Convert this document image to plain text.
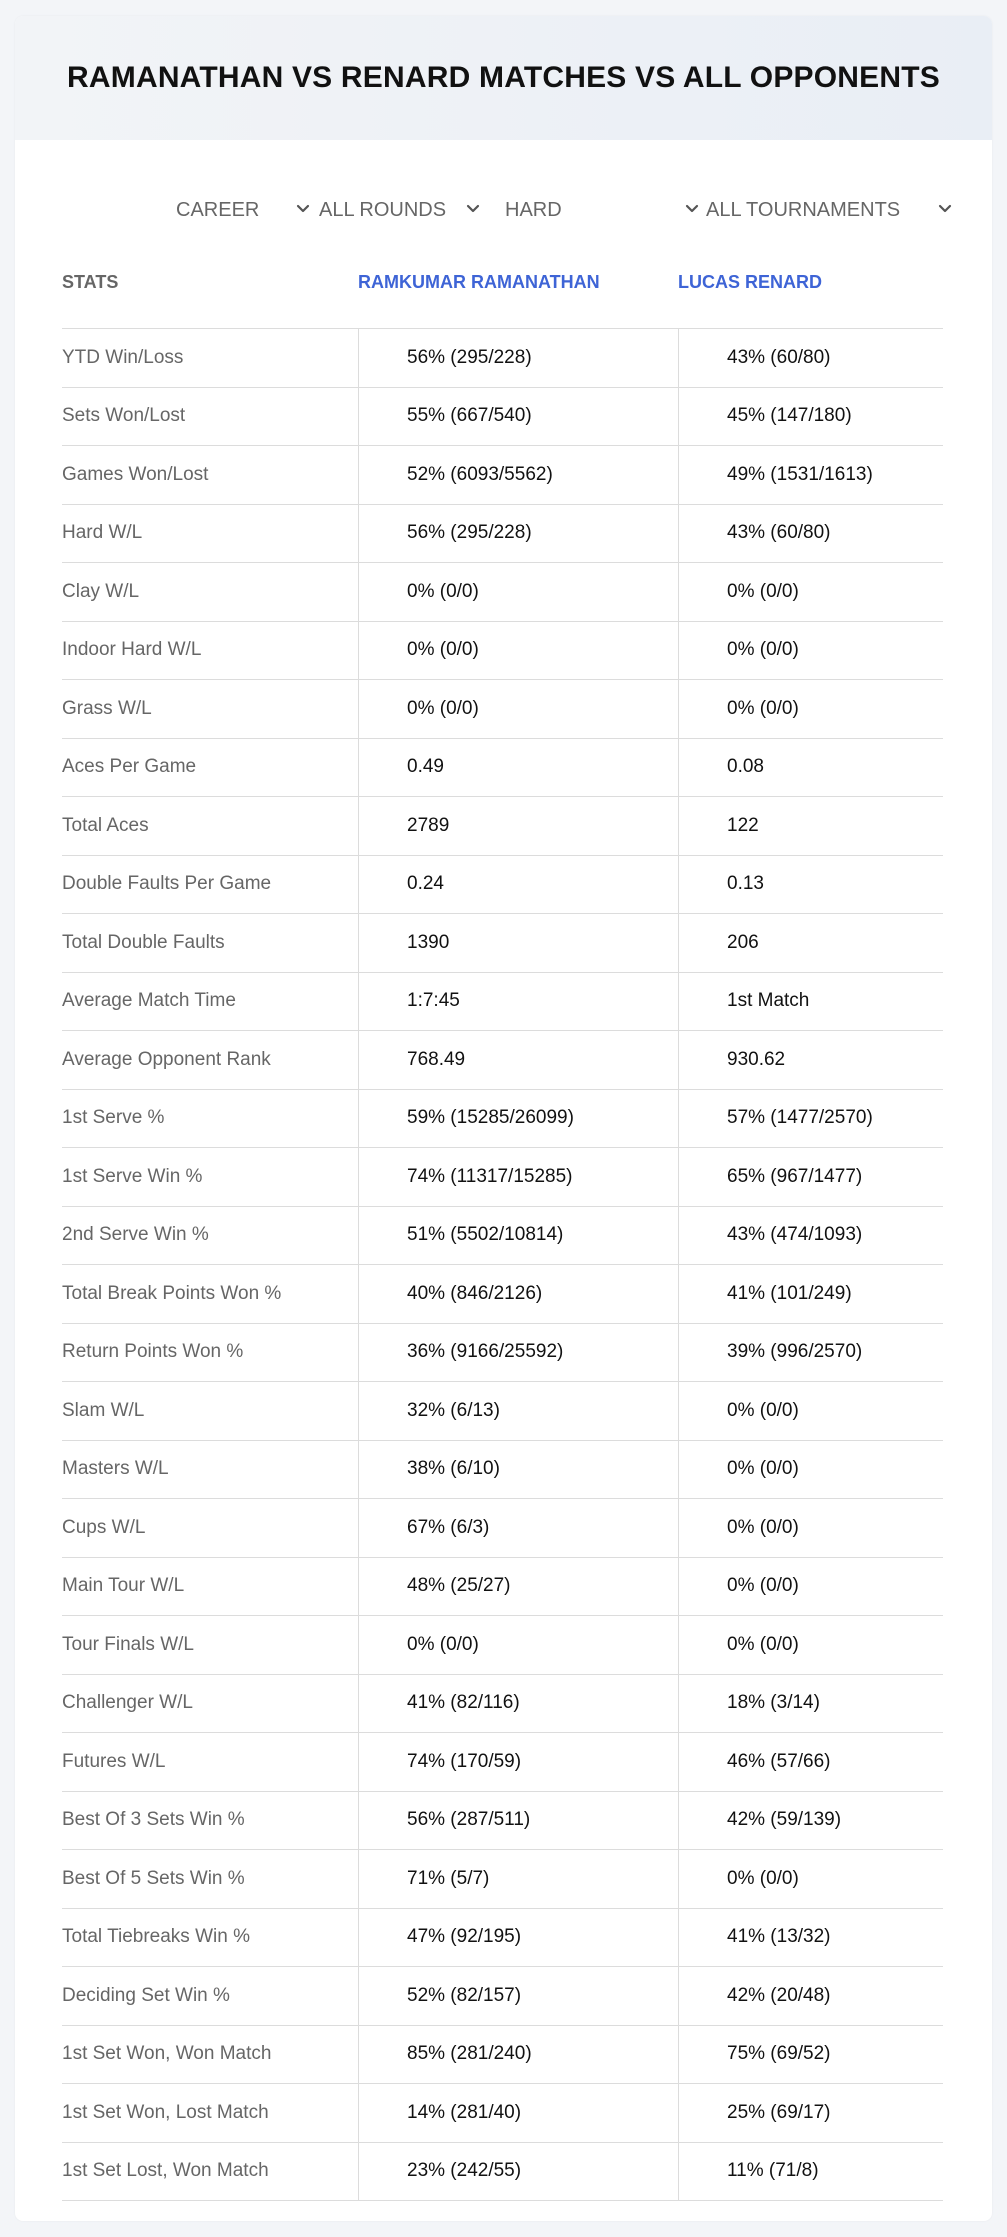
RAMANATHAN VS RENARD MATCHES VS ALL OPPONENTS
CAREER	ALL ROUNDS	HARD	ALL TOURNAMENTS
STATS	RAMKUMAR RAMANATHAN	LUCAS RENARD
YTD Win/Loss	56% (295/228)	43% (60/80)
Sets Won/Lost	55% (667/540)	45% (147/180)
Games Won/Lost	52% (6093/5562)	49% (1531/1613)
Hard W/L	56% (295/228)	43% (60/80)
Clay W/L	0% (0/0)	0% (0/0)
Indoor Hard W/L	0% (0/0)	0% (0/0)
Grass W/L	0% (0/0)	0% (0/0)
Aces Per Game	0.49	0.08
Total Aces	2789	122
Double Faults Per Game	0.24	0.13
Total Double Faults	1390	206
Average Match Time	1:7:45	1st Match
Average Opponent Rank	768.49	930.62
1st Serve %	59% (15285/26099)	57% (1477/2570)
1st Serve Win %	74% (11317/15285)	65% (967/1477)
2nd Serve Win %	51% (5502/10814)	43% (474/1093)
Total Break Points Won %	40% (846/2126)	41% (101/249)
Return Points Won %	36% (9166/25592)	39% (996/2570)
Slam W/L	32% (6/13)	0% (0/0)
Masters W/L	38% (6/10)	0% (0/0)
Cups W/L	67% (6/3)	0% (0/0)
Main Tour W/L	48% (25/27)	0% (0/0)
Tour Finals W/L	0% (0/0)	0% (0/0)
Challenger W/L	41% (82/116)	18% (3/14)
Futures W/L	74% (170/59)	46% (57/66)
Best Of 3 Sets Win %	56% (287/511)	42% (59/139)
Best Of 5 Sets Win %	71% (5/7)	0% (0/0)
Total Tiebreaks Win %	47% (92/195)	41% (13/32)
Deciding Set Win %	52% (82/157)	42% (20/48)
1st Set Won, Won Match	85% (281/240)	75% (69/52)
1st Set Won, Lost Match	14% (281/40)	25% (69/17)
1st Set Lost, Won Match	23% (242/55)	11% (71/8)
